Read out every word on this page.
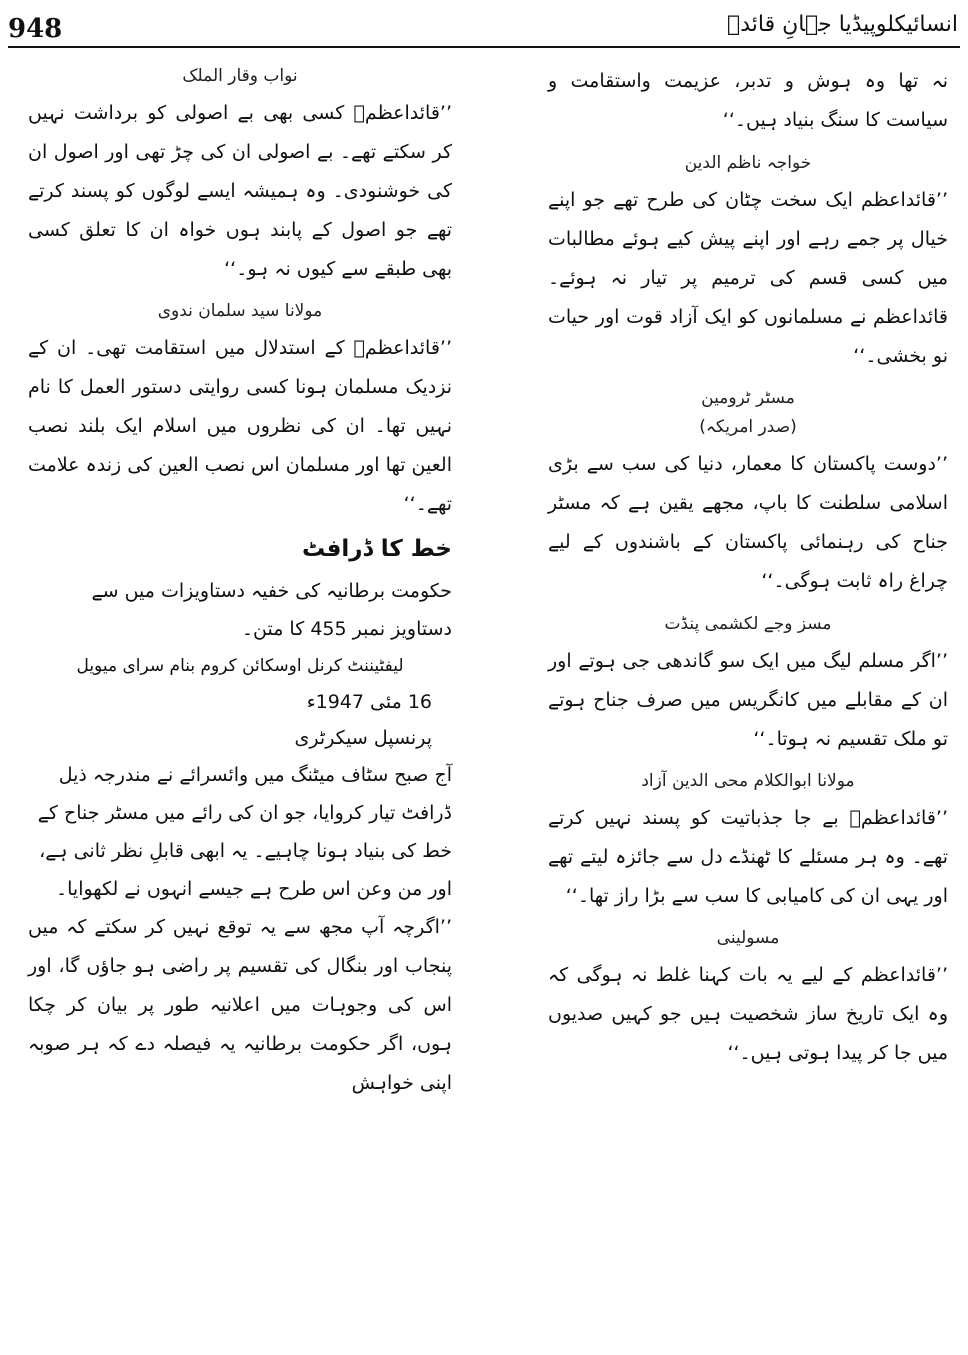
948	انسائیکلوپیڈیا جہانِ قائدؒ

نہ تھا وہ ہوش و تدبر، عزیمت واستقامت و سیاست کا سنگ بنیاد ہیں۔‘‘

خواجہ ناظم الدین

’’قائداعظم ایک سخت چٹان کی طرح تھے جو اپنے خیال پر جمے رہے اور اپنے پیش کیے ہوئے مطالبات میں کسی قسم کی ترمیم پر تیار نہ ہوئے۔ قائداعظم نے مسلمانوں کو ایک آزاد قوت اور حیات نو بخشی۔‘‘

مسٹر ٹرومین
(صدر امریکہ)

’’دوست پاکستان کا معمار، دنیا کی سب سے بڑی اسلامی سلطنت کا باپ، مجھے یقین ہے کہ مسٹر جناح کی رہنمائی پاکستان کے باشندوں کے لیے چراغ راہ ثابت ہوگی۔‘‘

مسز وجے لکشمی پنڈت

’’اگر مسلم لیگ میں ایک سو گاندھی جی ہوتے اور ان کے مقابلے میں کانگریس میں صرف جناح ہوتے تو ملک تقسیم نہ ہوتا۔‘‘

مولانا ابوالکلام محی الدین آزاد

’’قائداعظمؒ بے جا جذباتیت کو پسند نہیں کرتے تھے۔ وہ ہر مسئلے کا ٹھنڈے دل سے جائزہ لیتے تھے اور یہی ان کی کامیابی کا سب سے بڑا راز تھا۔‘‘

مسولینی

’’قائداعظم کے لیے یہ بات کہنا غلط نہ ہوگی کہ وہ ایک تاریخ ساز شخصیت ہیں جو کہیں صدیوں میں جا کر پیدا ہوتی ہیں۔‘‘

نواب وقار الملک

’’قائداعظمؒ کسی بھی بے اصولی کو برداشت نہیں کر سکتے تھے۔ بے اصولی ان کی چڑ تھی اور اصول ان کی خوشنودی۔ وہ ہمیشہ ایسے لوگوں کو پسند کرتے تھے جو اصول کے پابند ہوں خواہ ان کا تعلق کسی بھی طبقے سے کیوں نہ ہو۔‘‘

مولانا سید سلمان ندوی

’’قائداعظمؒ کے استدلال میں استقامت تھی۔ ان کے نزدیک مسلمان ہونا کسی روایتی دستور العمل کا نام نہیں تھا۔ ان کی نظروں میں اسلام ایک بلند نصب العین تھا اور مسلمان اس نصب العین کی زندہ علامت تھے۔‘‘

خط کا ڈرافٹ

حکومت برطانیہ کی خفیہ دستاویزات میں سے دستاویز نمبر 455 کا متن۔

لیفٹیننٹ کرنل اوسکائن کروم بنام سرای میویل

16 مئی 1947ء

پرنسپل سیکرٹری

آج صبح سٹاف میٹنگ میں وائسرائے نے مندرجہ ذیل ڈرافٹ تیار کروایا، جو ان کی رائے میں مسٹر جناح کے خط کی بنیاد ہونا چاہیے۔ یہ ابھی قابلِ نظر ثانی ہے، اور من وعن اس طرح ہے جیسے انہوں نے لکھوایا۔

’’اگرچہ آپ مجھ سے یہ توقع نہیں کر سکتے کہ میں پنجاب اور بنگال کی تقسیم پر راضی ہو جاؤں گا، اور اس کی وجوہات میں اعلانیہ طور پر بیان کر چکا ہوں، اگر حکومت برطانیہ یہ فیصلہ دے کہ ہر صوبہ اپنی خواہش
